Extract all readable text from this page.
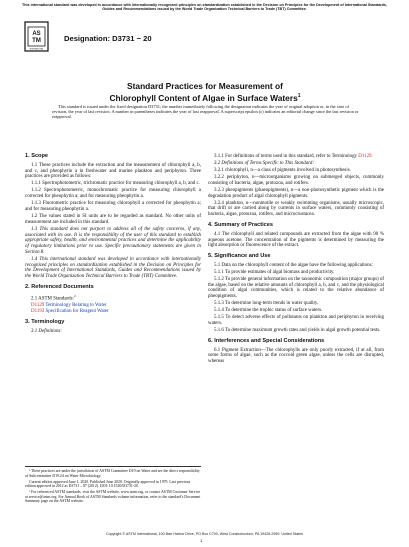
This international standard was developed in accordance with internationally recognized principles on standardization established in the Decision on Principles for the Development of International Standards, Guides and Recommendations issued by the World Trade Organization Technical Barriers to Trade (TBT) Committee.
AS
TM
INTERNATIONAL
Designation: D3731 − 20
Standard Practices for Measurement of
Chlorophyll Content of Algae in Surface Waters$^1$
This standard is issued under the fixed designation D3731; the number immediately following the designation indicates the year of original adoption or, in the case of revision, the year of last revision. A number in parentheses indicates the year of last reapproval. A superscript epsilon (ε) indicates an editorial change since the last revision or reapproval.
1. Scope
1.1 These practices include the extraction and the measurement of chlorophyll a, b, and c, and pheophytin a in freshwater and marine plankton and periphyton. Three practices are provided as follows:
1.1.1 Spectrophotometric, trichromatic practice for measuring chlorophyll a, b, and c.
1.1.2 Spectrophotometric, monochromatic practice for measuring chlorophyll a corrected for pheophytin a; and for measuring pheophytin a.
1.1.3 Fluorometric practice for measuring chlorophyll a corrected for pheophytin a; and for measuring pheophytin a.
1.2 The values stated in SI units are to be regarded as standard. No other units of measurement are included in this standard.
1.3 This standard does not purport to address all of the safety concerns, if any, associated with its use. It is the responsibility of the user of this standard to establish appropriate safety, health, and environmental practices and determine the applicability of regulatory limitations prior to use. Specific precautionary statements are given in Section 8.
1.4 This international standard was developed in accordance with internationally recognized principles on standardization established in the Decision on Principles for the Development of International Standards, Guides and Recommendations issued by the World Trade Organization Technical Barriers to Trade (TBT) Committee.
2. Referenced Documents
2.1 ASTM Standards:$^2$
D1129 Terminology Relating to Water
D1193 Specification for Reagent Water
3. Terminology
3.1 Definitions:
¹ These practices are under the jurisdiction of ASTM Committee D19 on Water and are the direct responsibility of Subcommittee D19.24 on Water Microbiology.
Current edition approved June 1, 2020. Published June 2020. Originally approved in 1979. Last previous edition approved in 2012 as D3731 – 87 (2012). DOI: 10.1520/D3731-20.
² For referenced ASTM standards, visit the ASTM website, www.astm.org, or contact ASTM Customer Service at service@astm.org. For Annual Book of ASTM Standards volume information, refer to the standard's Document Summary page on the ASTM website.
3.1.1 For definitions of terms used in this standard, refer to Terminology D1129.
3.2 Definitions of Terms Specific to This Standard:
3.2.1 chlorophyll, n—a class of pigments involved in photosynthesis.
3.2.2 periphyton, n—microorganisms growing on submerged objects, commonly consisting of bacteria, algae, protozoa, and rotifers.
3.2.3 pheopigments (phaeopigments), n—a non-photosynthetic pigment which is the degradation product of algal chlorophyll pigments.
3.2.4 plankton, n—nonmotile or weakly swimming organisms, usually microscopic, that drift or are carried along by currents in surface waters, commonly consisting of bacteria, algae, protozoa, rotifers, and microcrustacea.
4. Summary of Practices
4.1 The chlorophyll and related compounds are extracted from the algae with 90 % aqueous acetone. The concentration of the pigments is determined by measuring the light absorption or fluorescence of the extract.
5. Significance and Use
5.1 Data on the chlorophyll content of the algae have the following applications:
5.1.1 To provide estimates of algal biomass and productivity.
5.1.2 To provide general information on the taxonomic composition (major groups) of the algae, based on the relative amounts of chlorophyll a, b, and c, and the physiological condition of algal communities, which is related to the relative abundance of pheopigments.
5.1.3 To determine long-term trends in water quality.
5.1.4 To determine the trophic status of surface waters.
5.1.5 To detect adverse effects of pollutants on plankton and periphyton in receiving waters.
5.1.6 To determine maximum growth rates and yields in algal growth potential tests.
6. Interferences and Special Considerations
6.1 Pigment Extraction—The chlorophylls are only poorly extracted, if at all, from some forms of algae, such as the coccoid green algae, unless the cells are disrupted, whereas
Copyright © ASTM International, 100 Barr Harbor Drive, PO Box C700, West Conshohocken, PA 19428-2959. United States
1
